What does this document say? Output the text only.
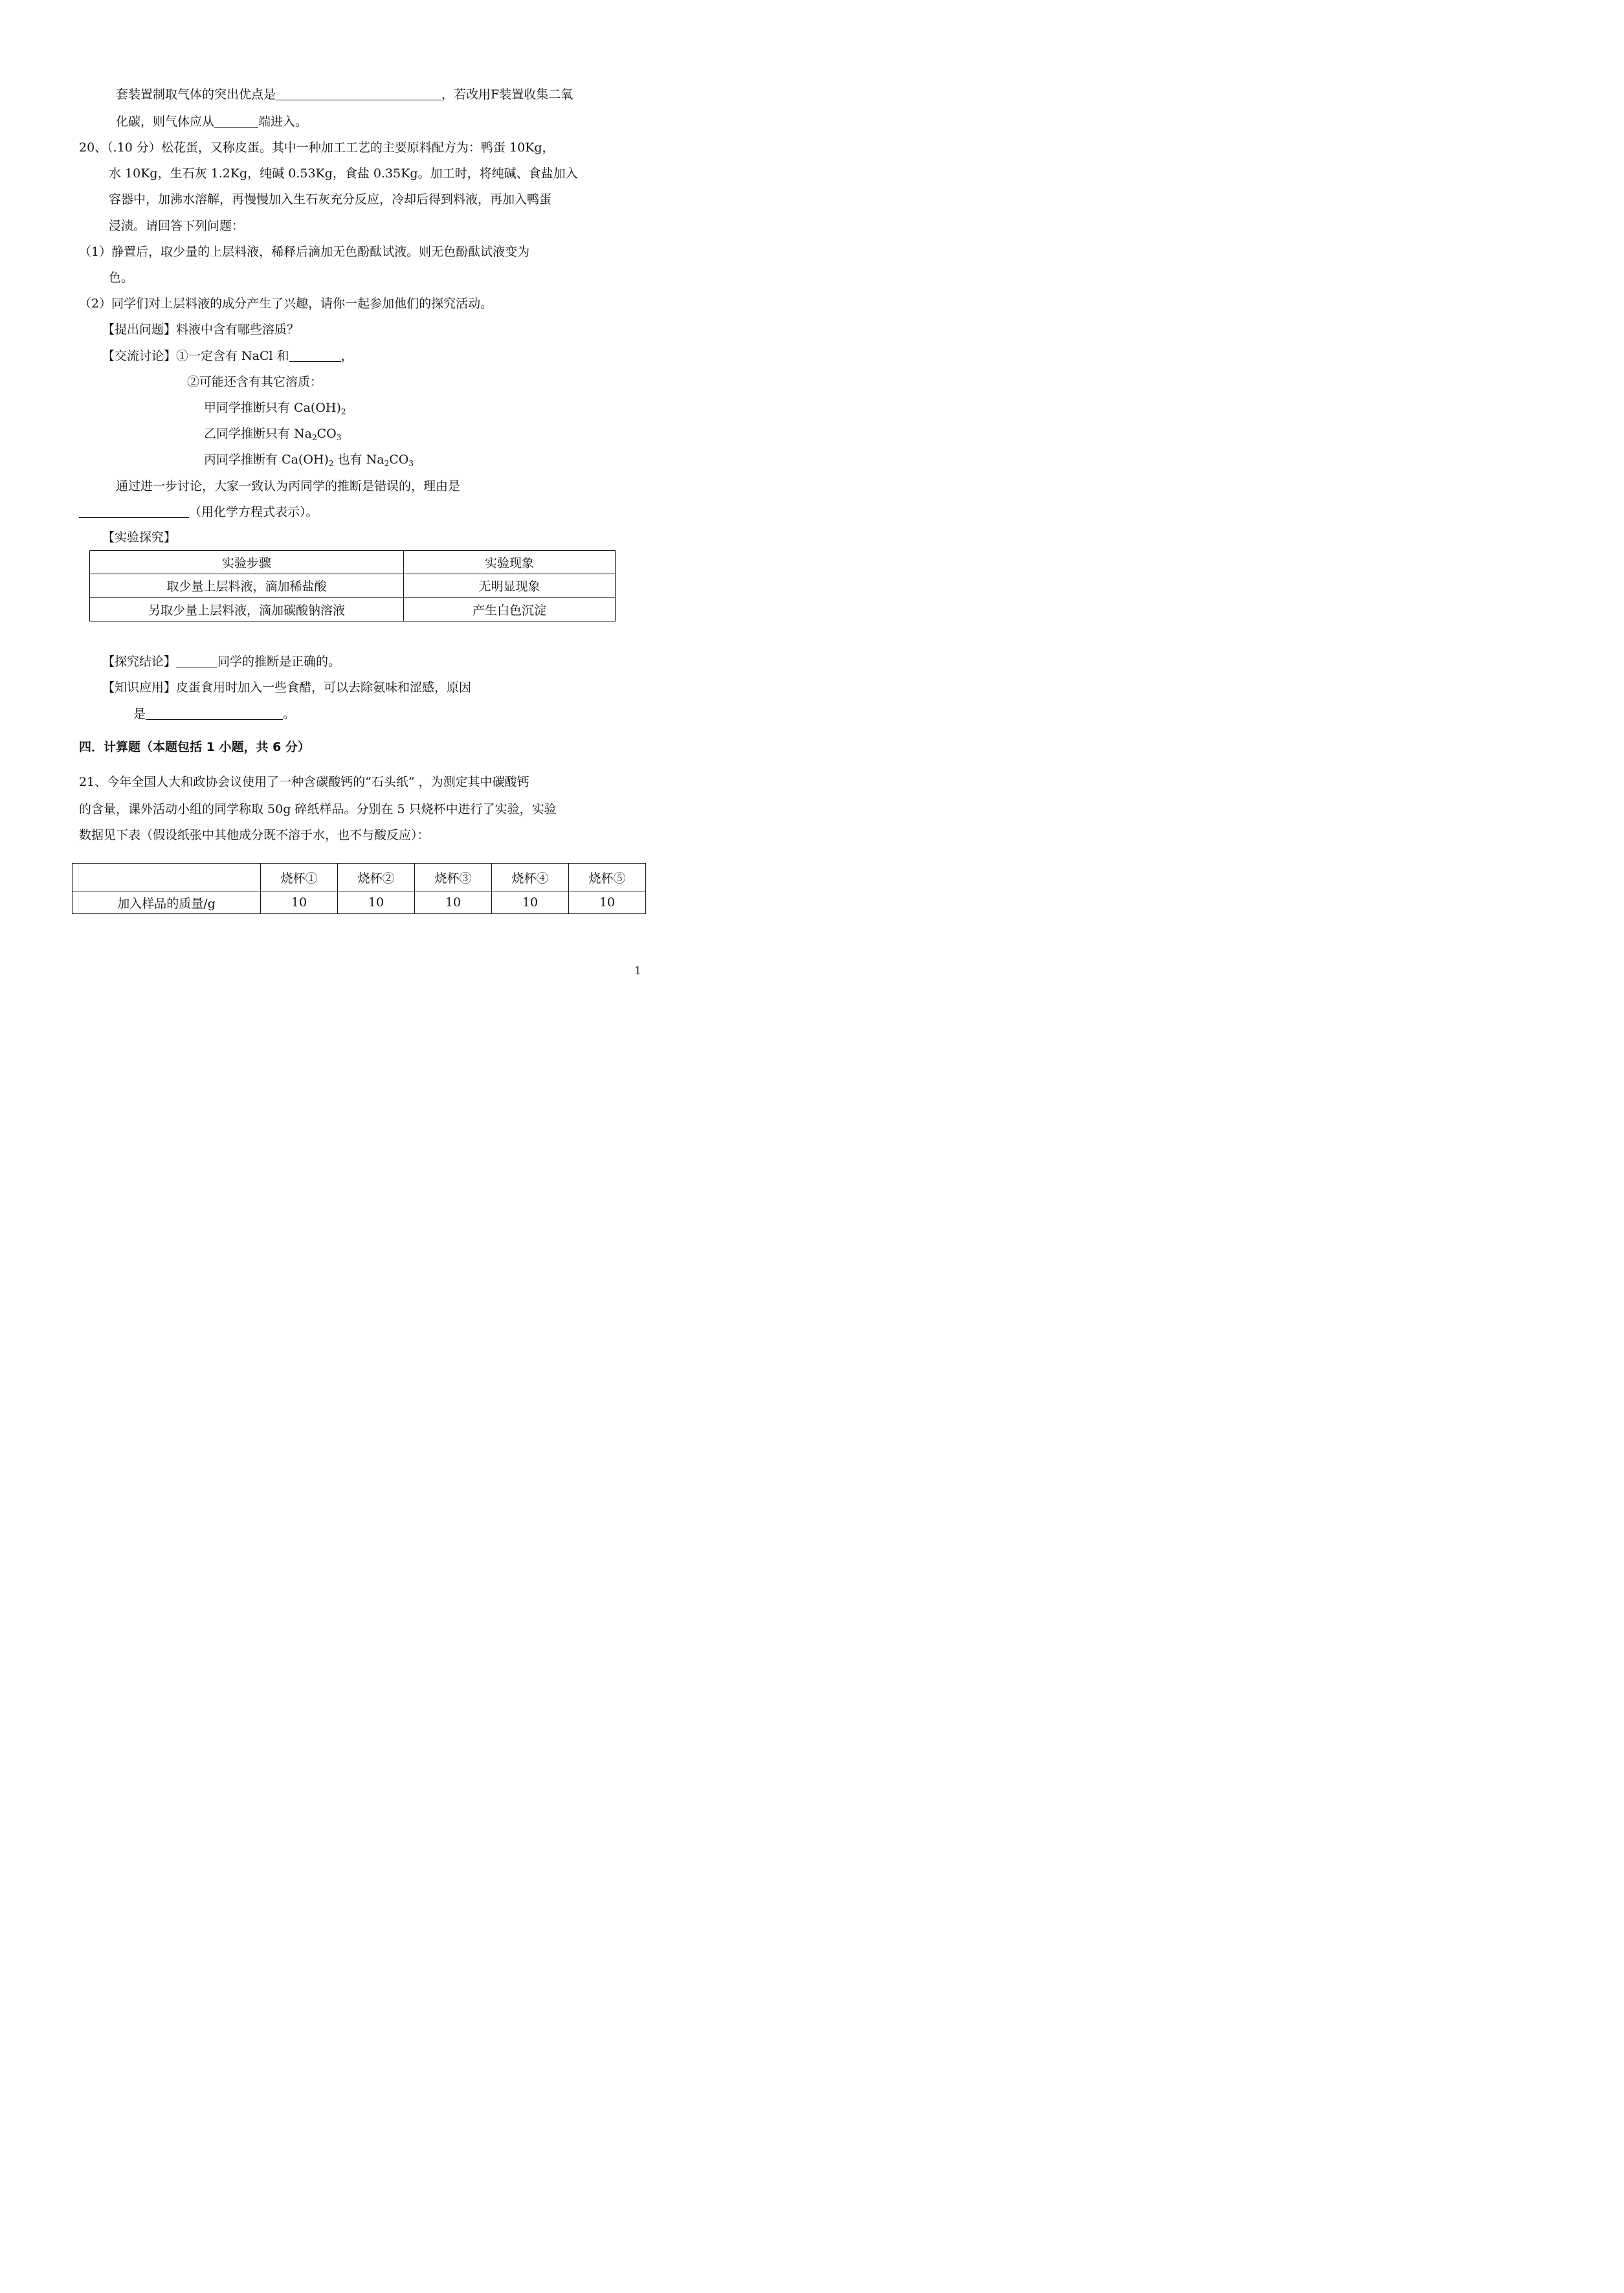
套装置制取气体的突出优点是	，若改用F装置收集二氧
化碳，则气体应从	端进入。
20、（.10 分）松花蛋，又称皮蛋。其中一种加工工艺的主要原料配方为：鸭蛋 10Kg，
水 10Kg，生石灰 1.2Kg，纯碱 0.53Kg，食盐 0.35Kg。加工时，将纯碱、食盐加入
容器中，加沸水溶解，再慢慢加入生石灰充分反应，冷却后得到料液，再加入鸭蛋
浸渍。请回答下列问题：
（1）静置后，取少量的上层料液，稀释后滴加无色酚酞试液。则无色酚酞试液变为
色。
（2）同学们对上层料液的成分产生了兴趣，请你一起参加他们的探究活动。
【提出问题】料液中含有哪些溶质？
【交流讨论】①一定含有 NaCl 和	，
②可能还含有其它溶质：
甲同学推断只有 $Ca(OH)_2$
乙同学推断只有 $Na_2CO_3$
丙同学推断有 $Ca(OH)_2$ 也有 $Na_2CO_3$
通过进一步讨论，大家一致认为丙同学的推断是错误的，理由是
（用化学方程式表示）。
【实验探究】
实验步骤	实验现象
取少量上层料液，滴加稀盐酸	无明显现象
另取少量上层料液，滴加碳酸钠溶液	产生白色沉淀
【探究结论】	同学的推断是正确的。
【知识应用】皮蛋食用时加入一些食醋，可以去除氨味和涩感，原因
是	。
四．计算题（本题包括 1 小题，共 6 分）
21、今年全国人大和政协会议使用了一种含碳酸钙的“石头纸” ，为测定其中碳酸钙
的含量，课外活动小组的同学称取 50g 碎纸样品。分别在 5 只烧杯中进行了实验，实验
数据见下表（假设纸张中其他成分既不溶于水，也不与酸反应）：
	烧杯①	烧杯②	烧杯③	烧杯④	烧杯⑤
加入样品的质量/g	10	10	10	10	10
1
